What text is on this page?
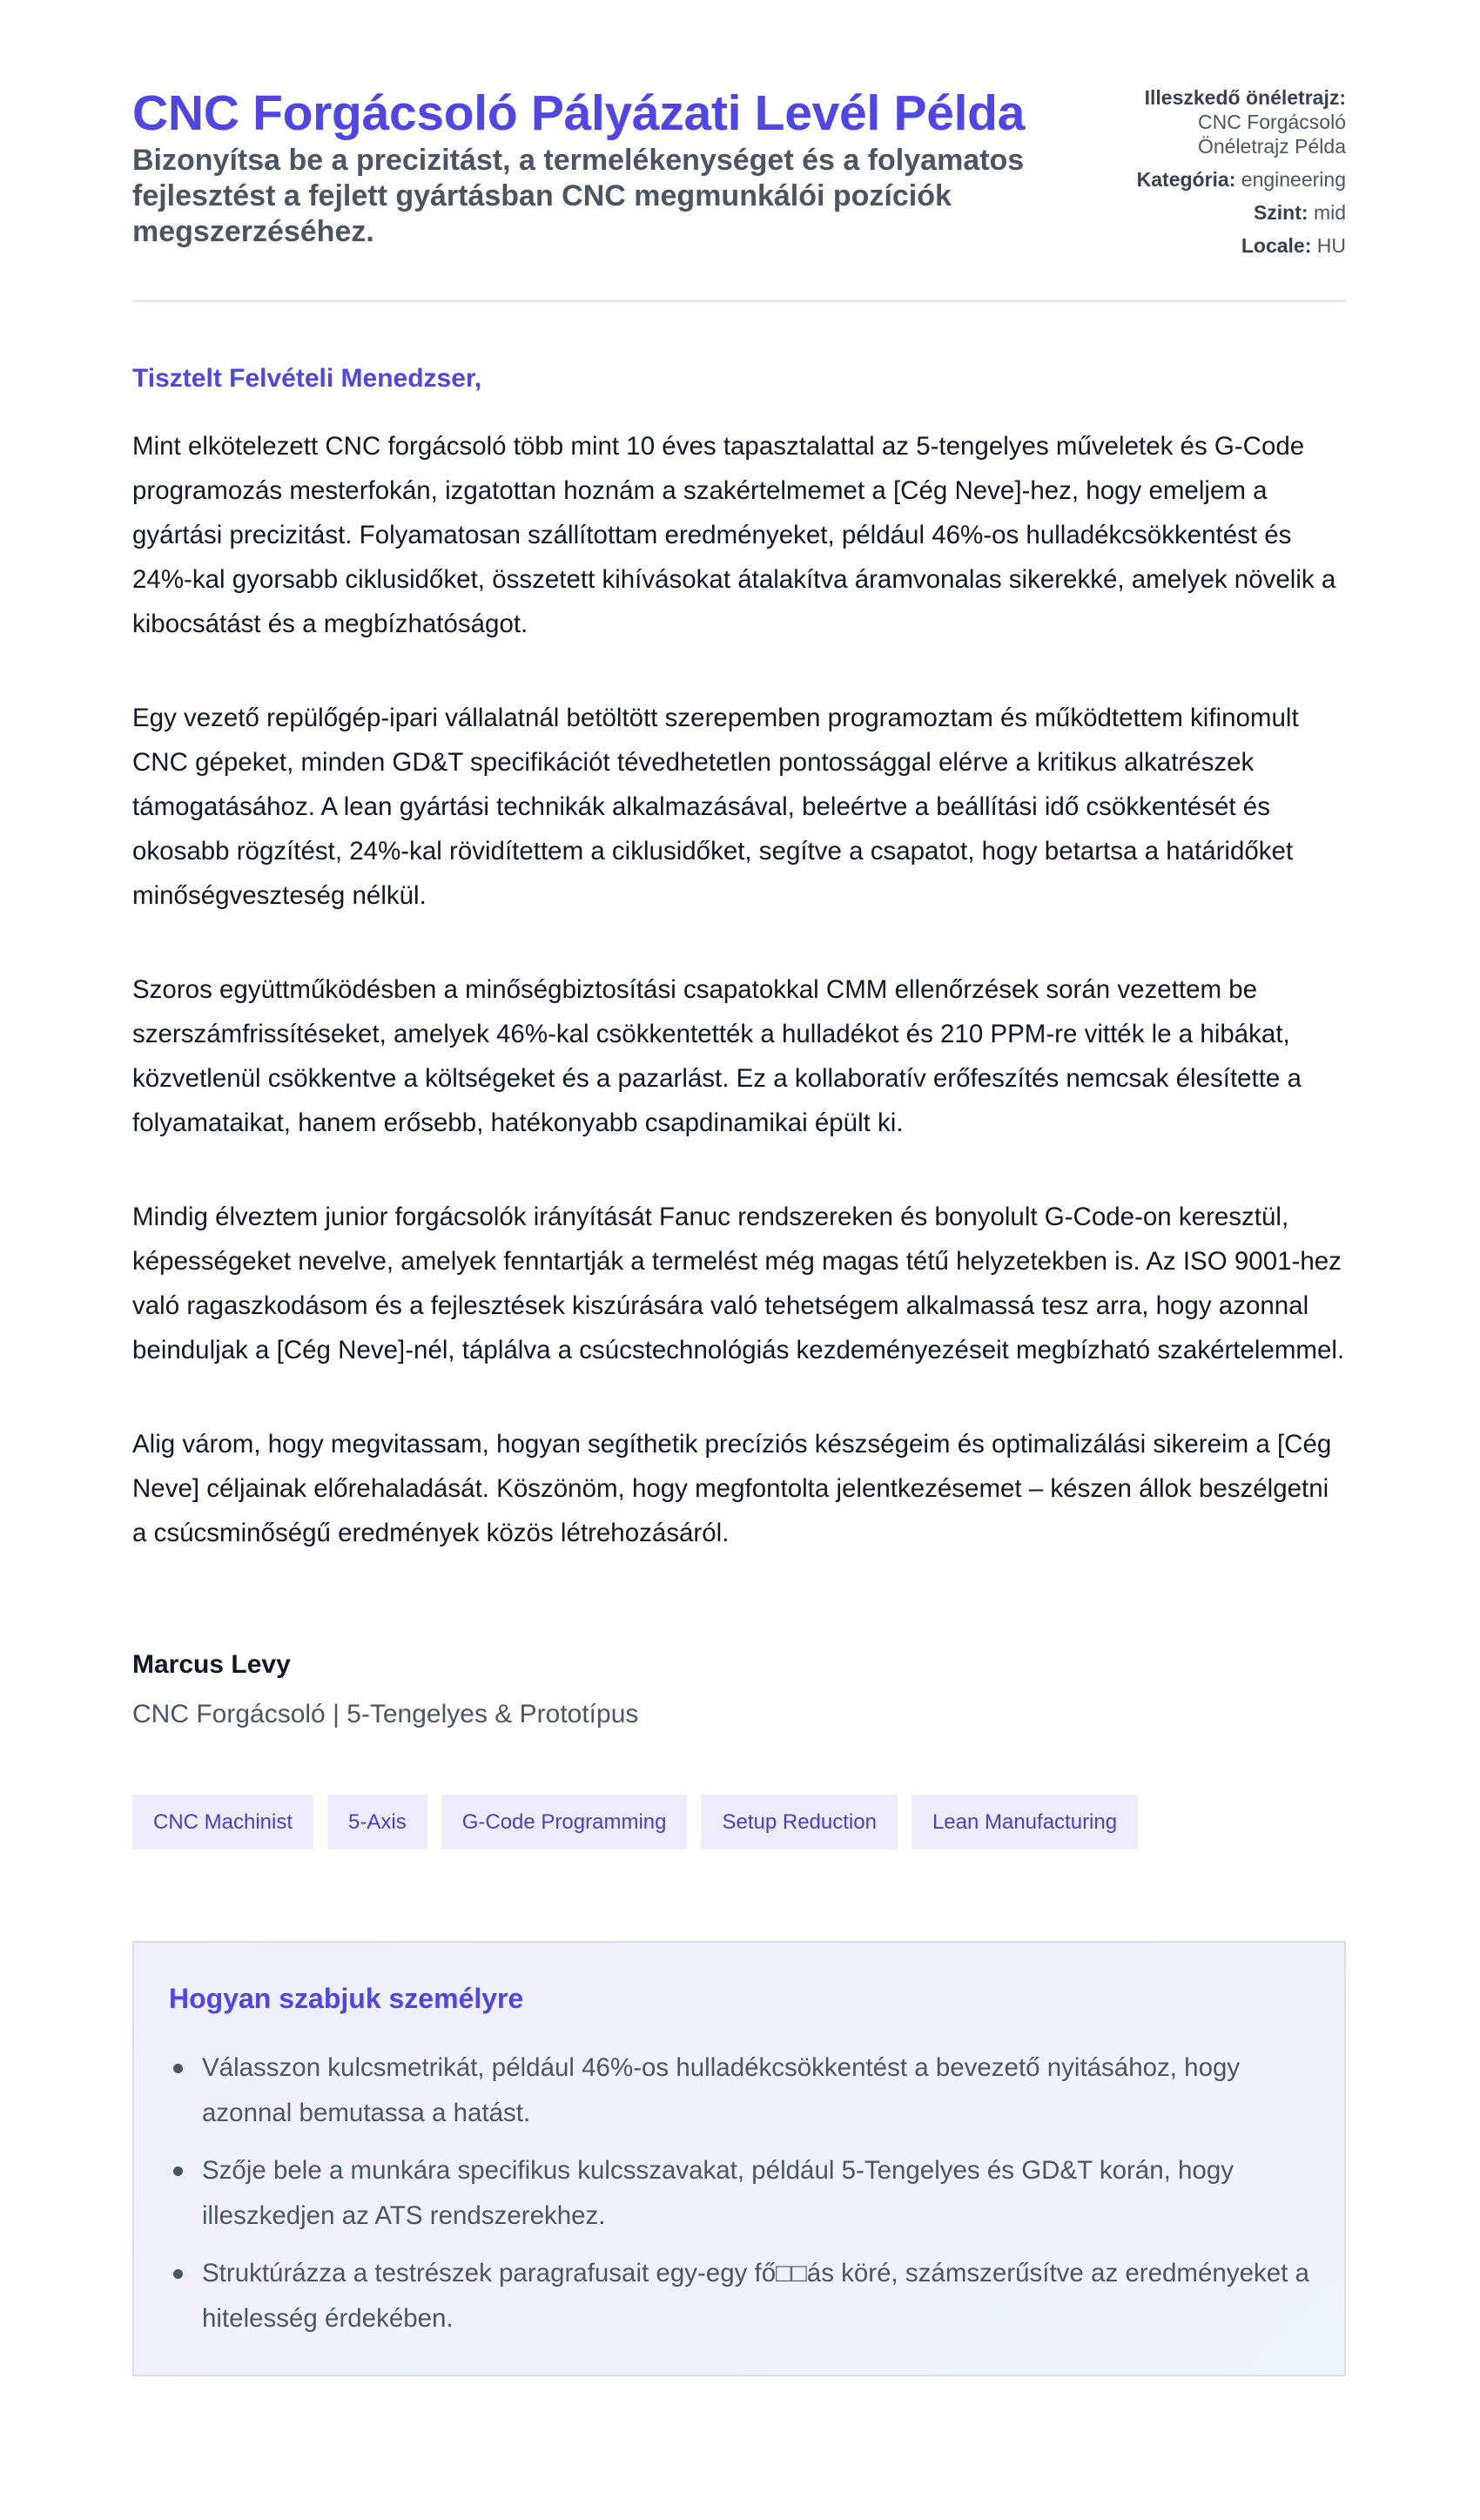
CNC Forgácsoló Pályázati Levél Példa

Bizonyítsa be a precizitást, a termelékenységet és a folyamatos fejlesztést a fejlett gyártásban CNC megmunkálói pozíciók megszerzéséhez.

Illeszkedő önéletrajz:
CNC Forgácsoló Önéletrajz Példa
Kategória: engineering
Szint: mid
Locale: HU

Tisztelt Felvételi Menedzser,

Mint elkötelezett CNC forgácsoló több mint 10 éves tapasztalattal az 5-tengelyes műveletek és G-Code programozás mesterfokán, izgatottan hoznám a szakértelmemet a [Cég Neve]-hez, hogy emeljem a gyártási precizitást. Folyamatosan szállítottam eredményeket, például 46%-os hulladékcsökkentést és 24%-kal gyorsabb ciklusidőket, összetett kihívásokat átalakítva áramvonalas sikerekké, amelyek növelik a kibocsátást és a megbízhatóságot.

Egy vezető repülőgép-ipari vállalatnál betöltött szerepemben programoztam és működtettem kifinomult CNC gépeket, minden GD&T specifikációt tévedhetetlen pontossággal elérve a kritikus alkatrészek támogatásához. A lean gyártási technikák alkalmazásával, beleértve a beállítási idő csökkentését és okosabb rögzítést, 24%-kal rövidítettem a ciklusidőket, segítve a csapatot, hogy betartsa a határidőket minőségveszteség nélkül.

Szoros együttműködésben a minőségbiztosítási csapatokkal CMM ellenőrzések során vezettem be szerszámfrissítéseket, amelyek 46%-kal csökkentették a hulladékot és 210 PPM-re vitték le a hibákat, közvetlenül csökkentve a költségeket és a pazarlást. Ez a kollaboratív erőfeszítés nemcsak élesítette a folyamataikat, hanem erősebb, hatékonyabb csapdinamikai épült ki.

Mindig élveztem junior forgácsolók irányítását Fanuc rendszereken és bonyolult G-Code-on keresztül, képességeket nevelve, amelyek fenntartják a termelést még magas tétű helyzetekben is. Az ISO 9001-hez való ragaszkodásom és a fejlesztések kiszúrására való tehetségem alkalmassá tesz arra, hogy azonnal beinduljak a [Cég Neve]-nél, táplálva a csúcstechnológiás kezdeményezéseit megbízható szakértelemmel.

Alig várom, hogy megvitassam, hogyan segíthetik precíziós készségeim és optimalizálási sikereim a [Cég Neve] céljainak előrehaladását. Köszönöm, hogy megfontolta jelentkezésemet – készen állok beszélgetni a csúcsminőségű eredmények közös létrehozásáról.

Marcus Levy

CNC Forgácsoló | 5-Tengelyes & Prototípus

CNC Machinist	5-Axis	G-Code Programming	Setup Reduction	Lean Manufacturing
Hogyan szabjuk személyre
Válasszon kulcsmetrikát, például 46%-os hulladékcsökkentést a bevezető nyitásához, hogy azonnal bemutassa a hatást.
Szője bele a munkára specifikus kulcsszavakat, például 5-Tengelyes és GD&T korán, hogy illeszkedjen az ATS rendszerekhez.
Struktúrázza a testrészek paragrafusait egy-egy fő□□ás köré, számszerűsítve az eredményeket a hitelesség érdekében.
